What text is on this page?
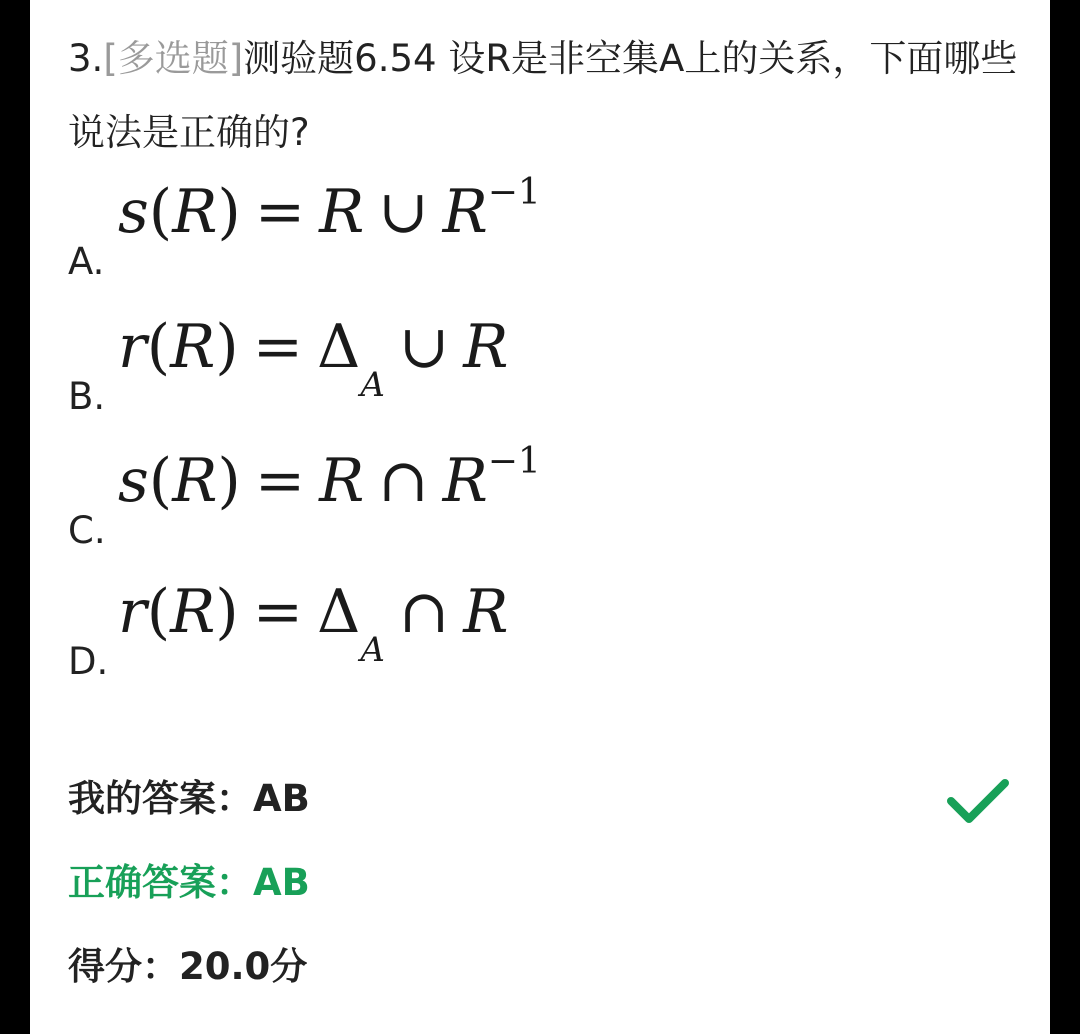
3.[多选题]测验题6.54 设R是非空集A上的关系，下面哪些说法是正确的?
A.
s(R) = R ∪ $R^{-1}$
B.
$r(R) = \Delta_A\cup$ R
C.
s(R) = R ∩ $R^{-1}$
D.
$r(R) = \Delta_A\cap$ R
我的答案：AB
正确答案：AB
得分：20.0分
